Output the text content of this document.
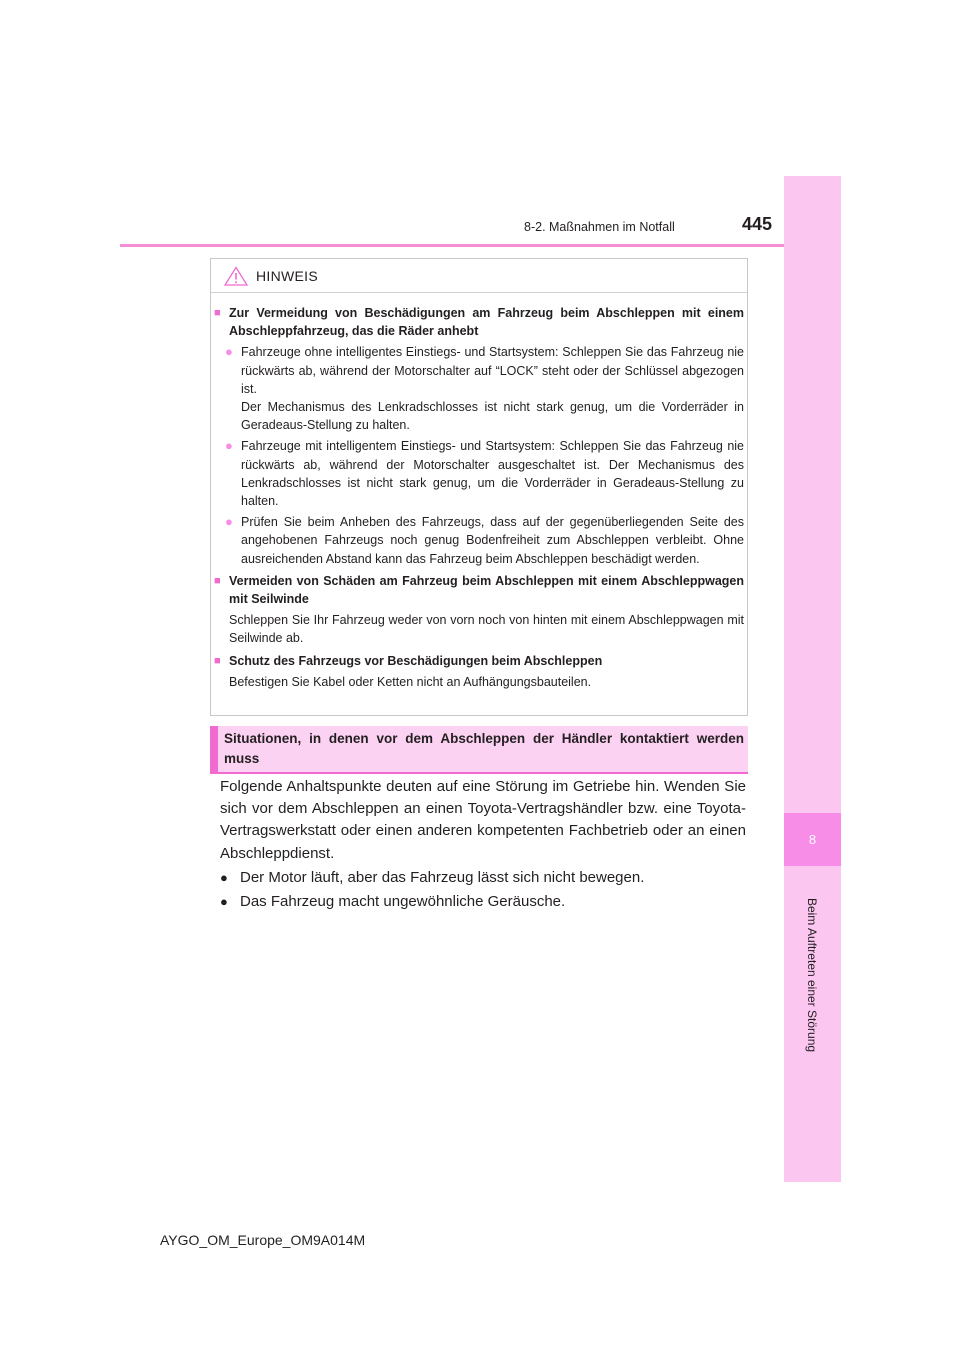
8-2. Maßnahmen im Notfall	445
8
Beim Auftreten einer Störung
HINWEIS
■ Zur Vermeidung von Beschädigungen am Fahrzeug beim Abschleppen mit einem Abschleppfahrzeug, das die Räder anhebt
● Fahrzeuge ohne intelligentes Einstiegs- und Startsystem: Schleppen Sie das Fahrzeug nie rückwärts ab, während der Motorschalter auf “LOCK” steht oder der Schlüssel abgezogen ist.
Der Mechanismus des Lenkradschlosses ist nicht stark genug, um die Vorderräder in Geradeaus-Stellung zu halten.
● Fahrzeuge mit intelligentem Einstiegs- und Startsystem: Schleppen Sie das Fahrzeug nie rückwärts ab, während der Motorschalter ausgeschaltet ist. Der Mechanismus des Lenkradschlosses ist nicht stark genug, um die Vorderräder in Geradeaus-Stellung zu halten.
● Prüfen Sie beim Anheben des Fahrzeugs, dass auf der gegenüberliegenden Seite des angehobenen Fahrzeugs noch genug Bodenfreiheit zum Abschleppen verbleibt. Ohne ausreichenden Abstand kann das Fahrzeug beim Abschleppen beschädigt werden.
■ Vermeiden von Schäden am Fahrzeug beim Abschleppen mit einem Abschleppwagen mit Seilwinde
Schleppen Sie Ihr Fahrzeug weder von vorn noch von hinten mit einem Abschleppwagen mit Seilwinde ab.
■ Schutz des Fahrzeugs vor Beschädigungen beim Abschleppen
Befestigen Sie Kabel oder Ketten nicht an Aufhängungsbauteilen.
Situationen, in denen vor dem Abschleppen der Händler kontaktiert werden muss
Folgende Anhaltspunkte deuten auf eine Störung im Getriebe hin. Wenden Sie sich vor dem Abschleppen an einen Toyota-Vertragshändler bzw. eine Toyota-Vertragswerkstatt oder einen anderen kompetenten Fachbetrieb oder an einen Abschleppdienst.
● Der Motor läuft, aber das Fahrzeug lässt sich nicht bewegen.
● Das Fahrzeug macht ungewöhnliche Geräusche.
AYGO_OM_Europe_OM9A014M
